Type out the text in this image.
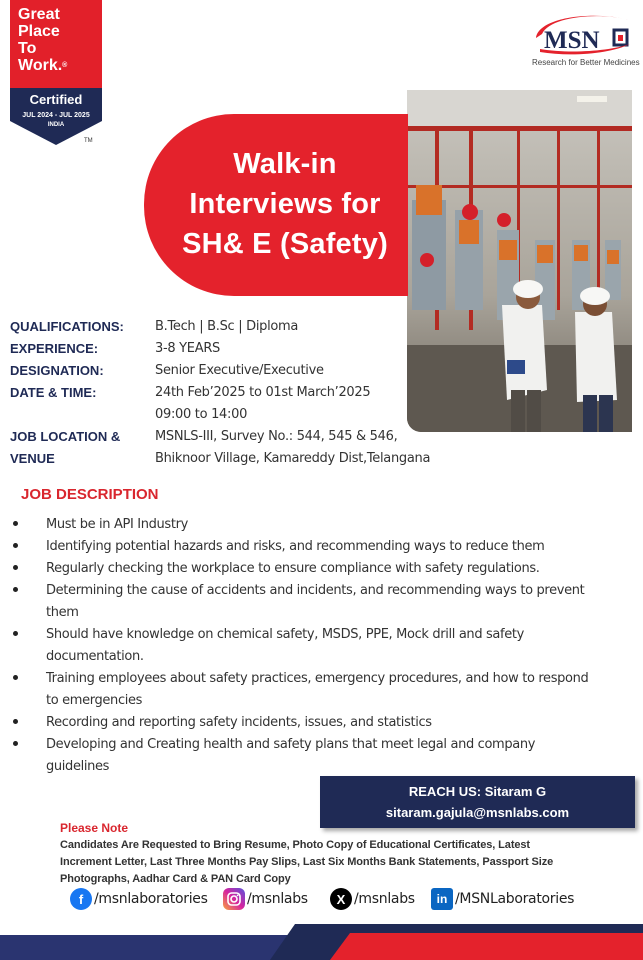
Great
Place
To
Work.®
Certified
JUL 2024 - JUL 2025
INDIA
TM
MSN
Research for Better Medicines
Walk-in
Interviews for
SH& E (Safety)
QUALIFICATIONS: B.Tech | B.Sc | Diploma
EXPERIENCE:	3-8 YEARS
DESIGNATION:	Senior Executive/Executive
DATE & TIME:	24th Feb’2025 to 01st March’2025
09:00 to 14:00
JOB LOCATION &
VENUE
MSNLS-III, Survey No.: 544, 545 & 546,
Bhiknoor Village, Kamareddy Dist,Telangana
JOB DESCRIPTION
Must be in API Industry
Identifying potential hazards and risks, and recommending ways to reduce them
Regularly checking the workplace to ensure compliance with safety regulations.
Determining the cause of accidents and incidents, and recommending ways to prevent
them
Should have knowledge on chemical safety, MSDS, PPE, Mock drill and safety
documentation.
Training employees about safety practices, emergency procedures, and how to respond
to emergencies
Recording and reporting safety incidents, issues, and statistics
Developing and Creating health and safety plans that meet legal and company
guidelines
REACH US: Sitaram G
sitaram.gajula@msnlabs.com
Please Note
Candidates Are Requested to Bring Resume, Photo Copy of Educational Certificates, Latest
Increment Letter, Last Three Months Pay Slips, Last Six Months Bank Statements, Passport Size
Photographs, Aadhar Card & PAN Card Copy
f /msnlaboratories	/msnlabs	X /msnlabs	in /MSNLaboratories
